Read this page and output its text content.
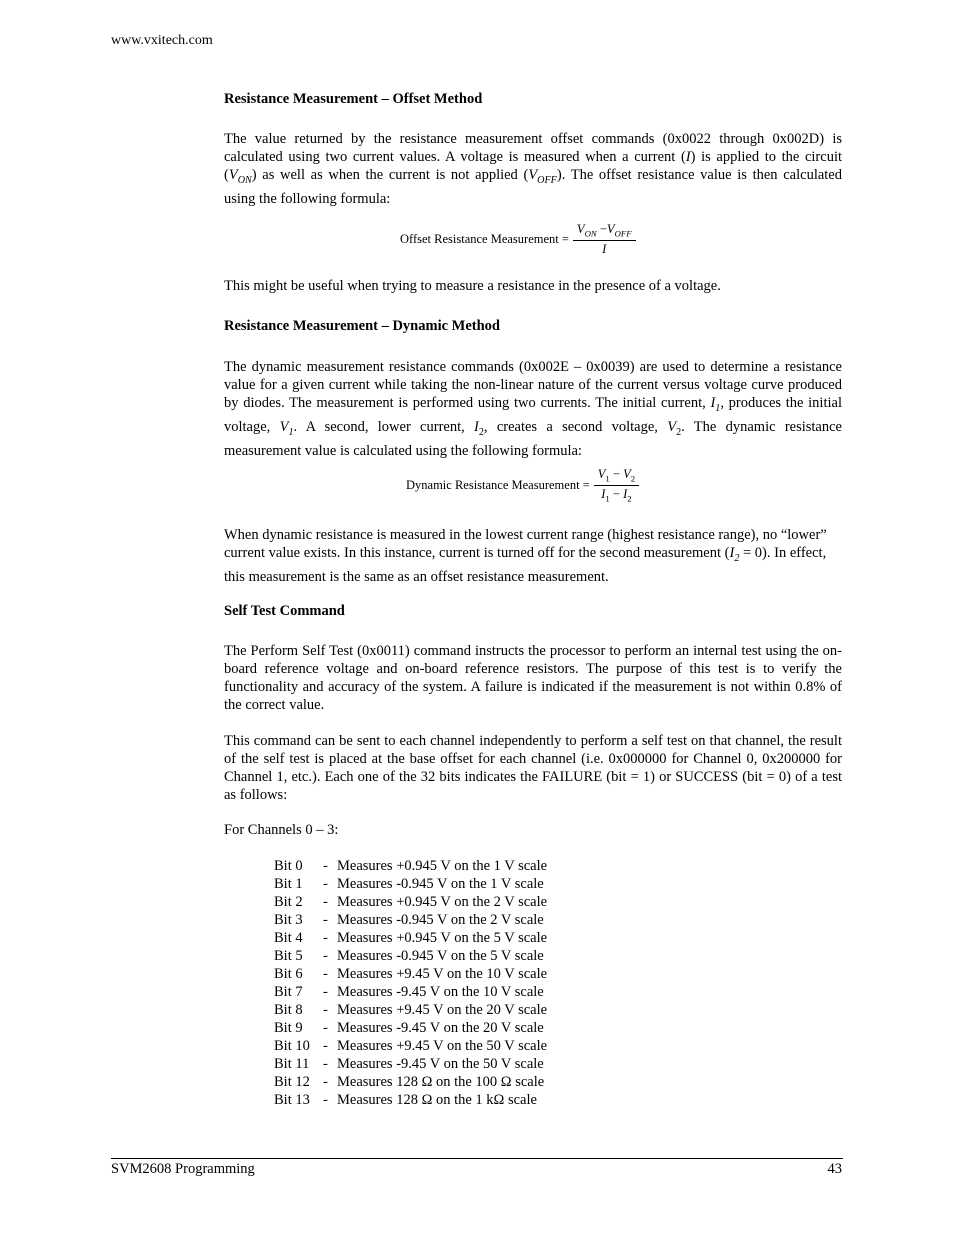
www.vxitech.com
Resistance Measurement – Offset Method
The value returned by the resistance measurement offset commands (0x0022 through 0x002D) is calculated using two current values. A voltage is measured when a current (I) is applied to the circuit $(V_{ON})$ as well as when the current is not applied $(V_{OFF})$. The offset resistance value is then calculated using the following formula:
Offset Resistance Measurement = $\frac{V_{ON} -V_{OFF}}{I}$
This might be useful when trying to measure a resistance in the presence of a voltage.
Resistance Measurement – Dynamic Method
The dynamic measurement resistance commands (0x002E – 0x0039) are used to determine a resistance value for a given current while taking the non-linear nature of the current versus voltage curve produced by diodes. The measurement is performed using two currents. The initial current, $I_1$, produces the initial voltage, $V_1$. A second, lower current, $I_2$, creates a second voltage, $V_2$. The dynamic resistance measurement value is calculated using the following formula:
Dynamic Resistance Measurement = $\frac{V_1 - V_2}{I_1 - I_2}$
When dynamic resistance is measured in the lowest current range (highest resistance range), no “lower” current value exists. In this instance, current is turned off for the second measurement $(I_2 = 0)$. In effect, this measurement is the same as an offset resistance measurement.
Self Test Command
The Perform Self Test (0x0011) command instructs the processor to perform an internal test using the on-board reference voltage and on-board reference resistors. The purpose of this test is to verify the functionality and accuracy of the system. A failure is indicated if the measurement is not within 0.8% of the correct value.
This command can be sent to each channel independently to perform a self test on that channel, the result of the self test is placed at the base offset for each channel (i.e. 0x000000 for Channel 0, 0x200000 for Channel 1, etc.). Each one of the 32 bits indicates the FAILURE (bit = 1) or SUCCESS (bit = 0) of a test as follows:
For Channels 0 – 3:
Bit 0	- Measures +0.945 V on the 1 V scale
Bit 1	- Measures -0.945 V on the 1 V scale
Bit 2	- Measures +0.945 V on the 2 V scale
Bit 3	- Measures -0.945 V on the 2 V scale
Bit 4	- Measures +0.945 V on the 5 V scale
Bit 5	- Measures -0.945 V on the 5 V scale
Bit 6	- Measures +9.45 V on the 10 V scale
Bit 7	- Measures -9.45 V on the 10 V scale
Bit 8	- Measures +9.45 V on the 20 V scale
Bit 9	- Measures -9.45 V on the 20 V scale
Bit 10 - Measures +9.45 V on the 50 V scale
Bit 11 - Measures -9.45 V on the 50 V scale
Bit 12 - Measures 128 Ω on the 100 Ω scale
Bit 13 - Measures 128 Ω on the 1 kΩ scale
SVM2608 Programming	43
